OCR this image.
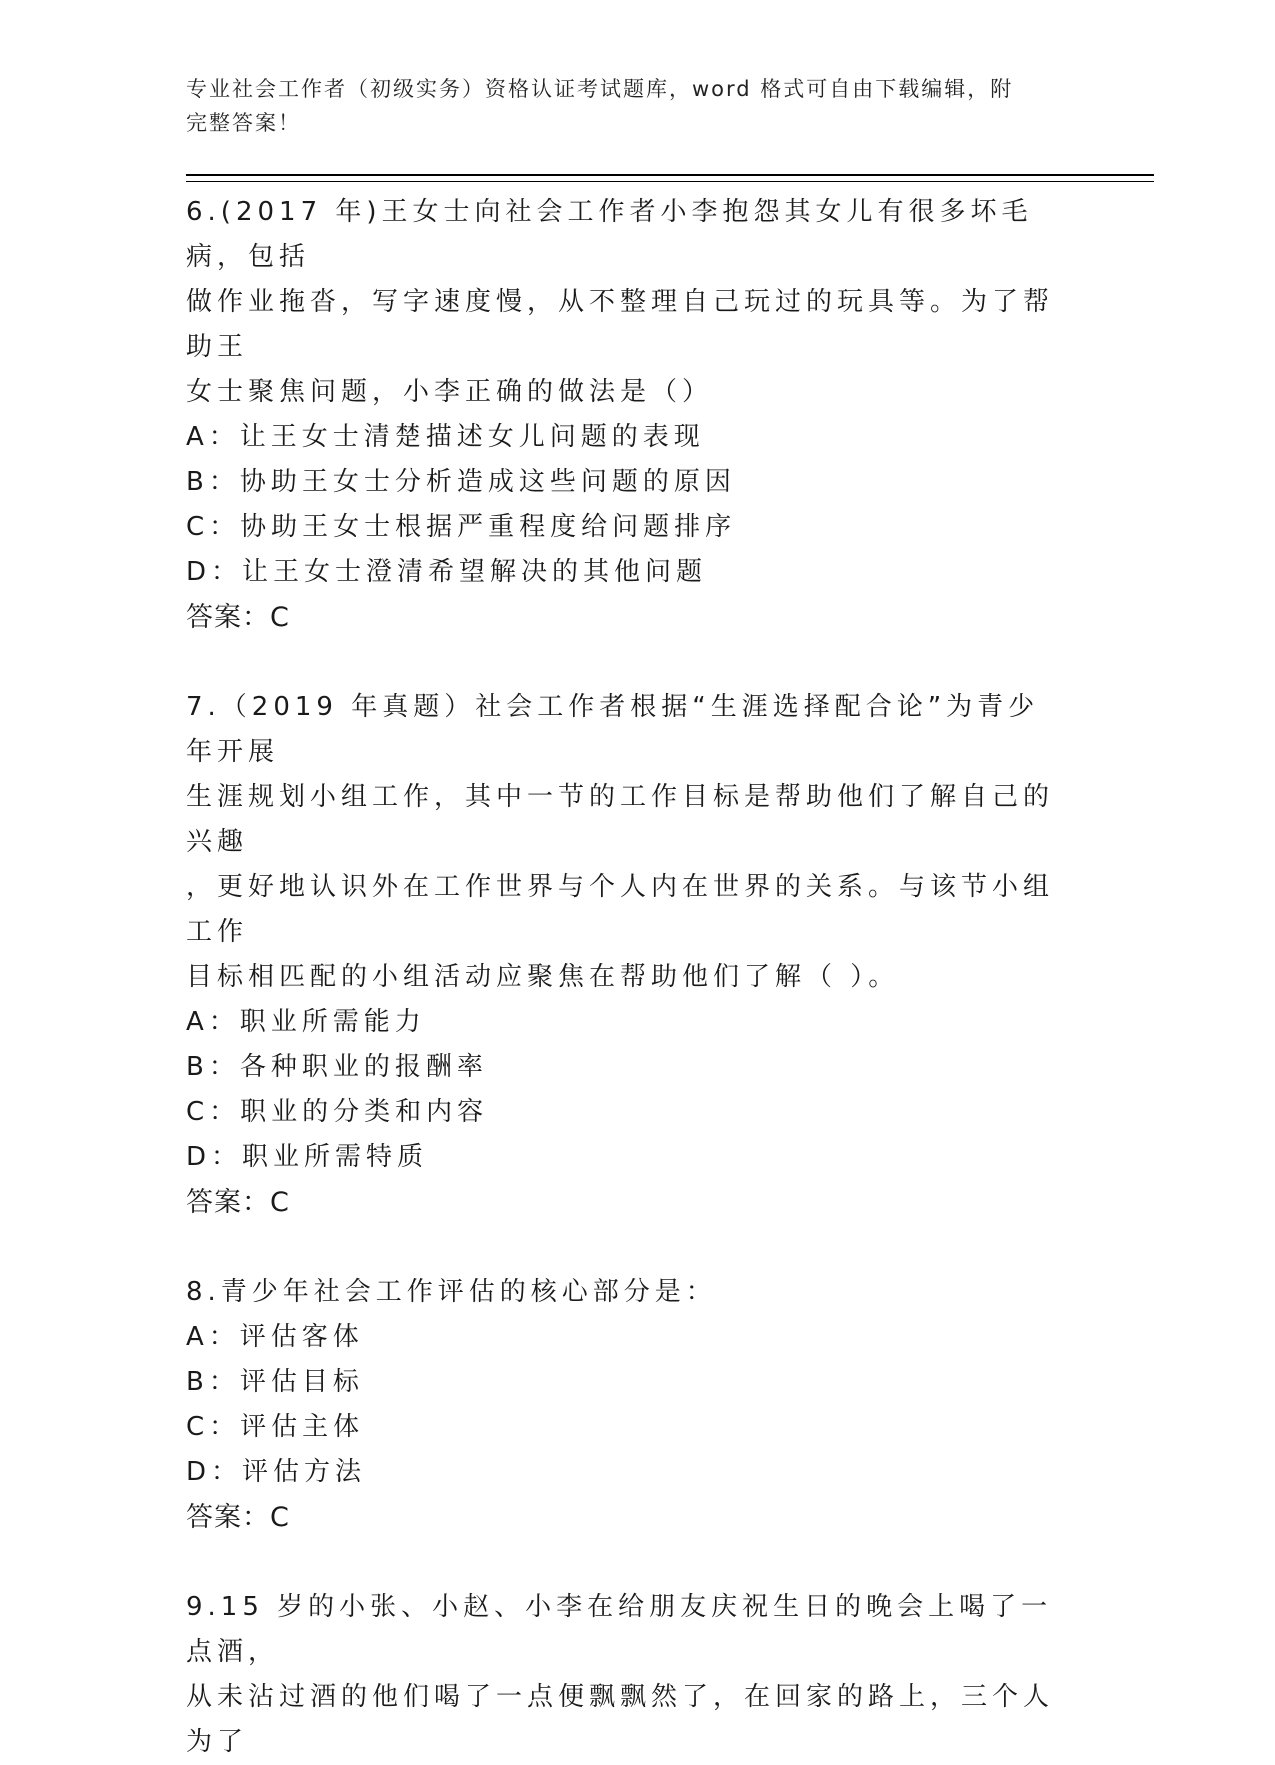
专业社会工作者（初级实务）资格认证考试题库，word 格式可自由下载编辑，附
完整答案！

6.(2017 年)王女士向社会工作者小李抱怨其女儿有很多坏毛病，包括

做作业拖沓，写字速度慢，从不整理自己玩过的玩具等。为了帮助王

女士聚焦问题，小李正确的做法是（）

A：让王女士清楚描述女儿问题的表现

B：协助王女士分析造成这些问题的原因

C：协助王女士根据严重程度给问题排序

D：让王女士澄清希望解决的其他问题

答案：C

7.（2019 年真题）社会工作者根据“生涯选择配合论”为青少年开展

生涯规划小组工作，其中一节的工作目标是帮助他们了解自己的兴趣

，更好地认识外在工作世界与个人内在世界的关系。与该节小组工作

目标相匹配的小组活动应聚焦在帮助他们了解（ ）。

A：职业所需能力

B：各种职业的报酬率

C：职业的分类和内容

D：职业所需特质

答案：C

8.青少年社会工作评估的核心部分是：

A：评估客体

B：评估目标

C：评估主体

D：评估方法

答案：C

9.15 岁的小张、小赵、小李在给朋友庆祝生日的晚会上喝了一点酒，

从未沾过酒的他们喝了一点便飘飘然了，在回家的路上，三个人为了
